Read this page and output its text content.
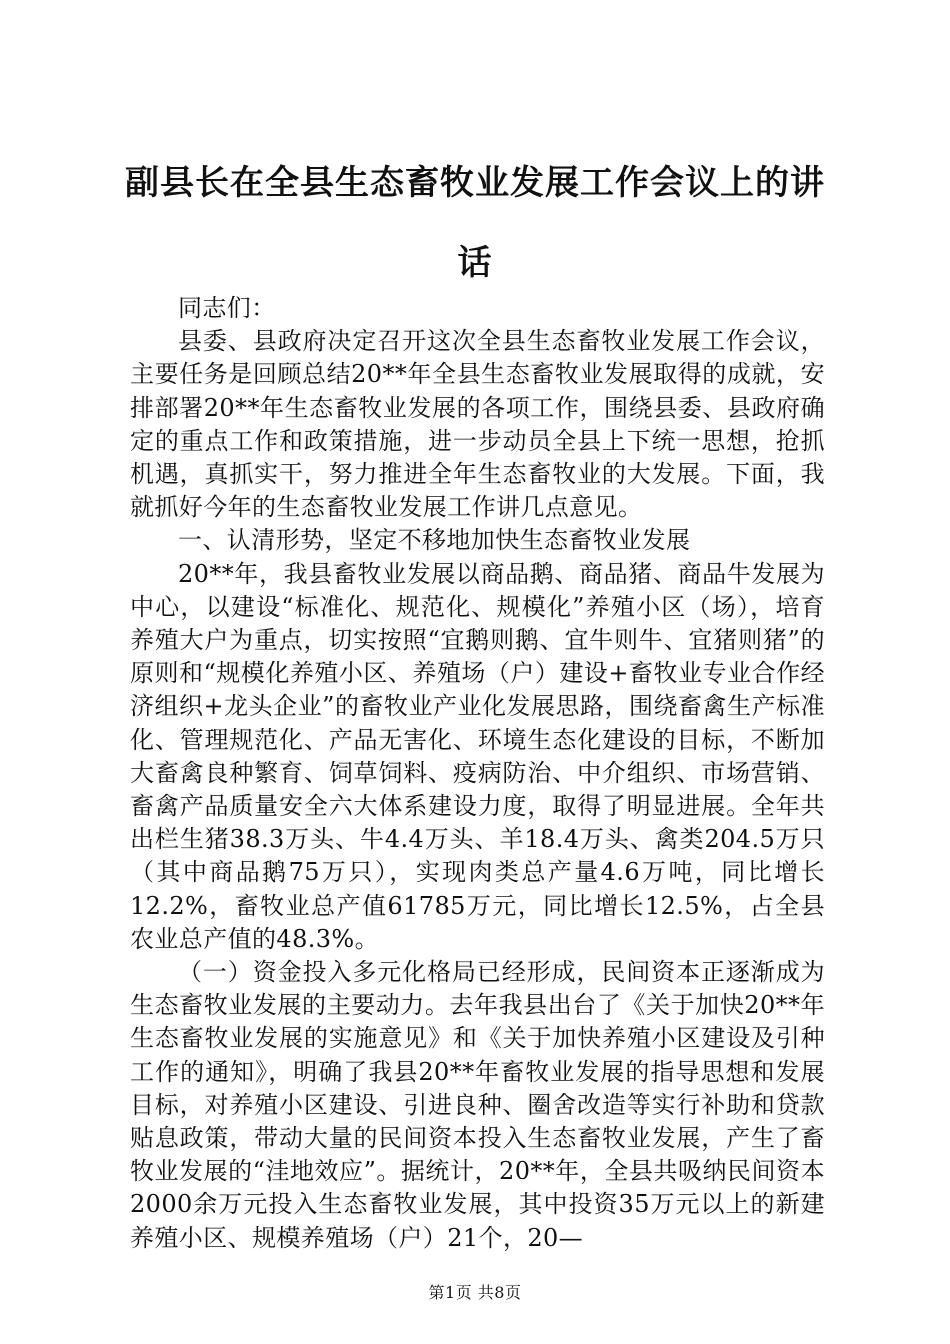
副县长在全县生态畜牧业发展工作会议上的讲
话

同志们：

县委、县政府决定召开这次全县生态畜牧业发展工作会议，主要任务是回顾总结20**年全县生态畜牧业发展取得的成就，安排部署20**年生态畜牧业发展的各项工作，围绕县委、县政府确定的重点工作和政策措施，进一步动员全县上下统一思想，抢抓机遇，真抓实干，努力推进全年生态畜牧业的大发展。下面，我就抓好今年的生态畜牧业发展工作讲几点意见。

一、认清形势，坚定不移地加快生态畜牧业发展

20**年，我县畜牧业发展以商品鹅、商品猪、商品牛发展为中心，以建设“标准化、规范化、规模化”养殖小区（场），培育养殖大户为重点，切实按照“宜鹅则鹅、宜牛则牛、宜猪则猪”的原则和“规模化养殖小区、养殖场（户）建设+畜牧业专业合作经济组织+龙头企业”的畜牧业产业化发展思路，围绕畜禽生产标准化、管理规范化、产品无害化、环境生态化建设的目标，不断加大畜禽良种繁育、饲草饲料、疫病防治、中介组织、市场营销、畜禽产品质量安全六大体系建设力度，取得了明显进展。全年共出栏生猪38.3万头、牛4.4万头、羊18.4万头、禽类204.5万只（其中商品鹅75万只），实现肉类总产量4.6万吨，同比增长12.2%，畜牧业总产值61785万元，同比增长12.5%，占全县农业总产值的48.3%。

（一）资金投入多元化格局已经形成，民间资本正逐渐成为生态畜牧业发展的主要动力。去年我县出台了《关于加快20**年生态畜牧业发展的实施意见》和《关于加快养殖小区建设及引种工作的通知》，明确了我县20**年畜牧业发展的指导思想和发展目标，对养殖小区建设、引进良种、圈舍改造等实行补助和贷款贴息政策，带动大量的民间资本投入生态畜牧业发展，产生了畜牧业发展的“洼地效应”。据统计，20**年，全县共吸纳民间资本2000余万元投入生态畜牧业发展，其中投资35万元以上的新建养殖小区、规模养殖场（户）21个，20—

第1页 共8页
